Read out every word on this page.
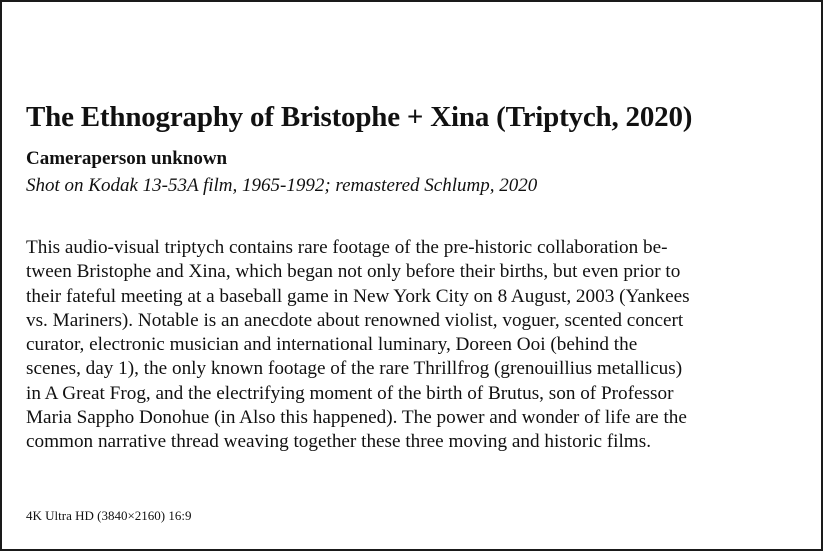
The Ethnography of Bristophe + Xina (Triptych, 2020)

Cameraperson unknown

Shot on Kodak 13-53A film, 1965-1992; remastered Schlump, 2020

This audio-visual triptych contains rare footage of the pre-historic collaboration be-
tween Bristophe and Xina, which began not only before their births, but even prior to
their fateful meeting at a baseball game in New York City on 8 August, 2003 (Yankees
vs. Mariners). Notable is an anecdote about renowned violist, voguer, scented concert
curator, electronic musician and international luminary, Doreen Ooi (behind the
scenes, day 1), the only known footage of the rare Thrillfrog (grenouillius metallicus)
in A Great Frog, and the electrifying moment of the birth of Brutus, son of Professor
Maria Sappho Donohue (in Also this happened). The power and wonder of life are the
common narrative thread weaving together these three moving and historic films.

4K Ultra HD (3840×2160) 16:9
